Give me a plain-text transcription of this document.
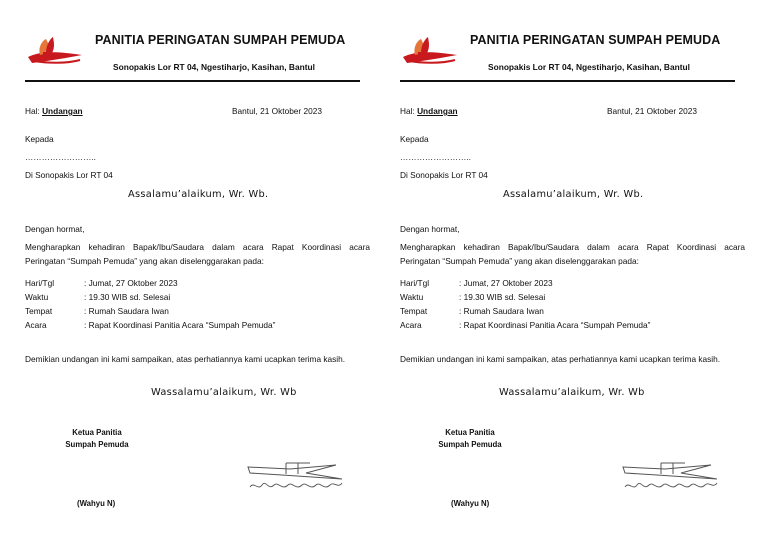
PANITIA PERINGATAN SUMPAH PEMUDA
Sonopakis Lor RT 04, Ngestiharjo, Kasihan, Bantul
Hal: Undangan	Bantul, 21 Oktober 2023
Kepada
……………………..
Di Sonopakis Lor RT 04
Assalamu’alaikum, Wr. Wb.
Dengan hormat,
Mengharapkan kehadiran Bapak/Ibu/Saudara dalam acara Rapat Koordinasi acara Peringatan “Sumpah Pemuda” yang akan diselenggarakan pada:
Hari/Tgl	: Jumat, 27 Oktober 2023
Waktu	: 19.30 WIB sd. Selesai
Tempat	: Rumah Saudara Iwan
Acara	: Rapat Koordinasi Panitia Acara “Sumpah Pemuda”
Demikian undangan ini kami sampaikan, atas perhatiannya kami ucapkan terima kasih.
Wassalamu’alaikum, Wr. Wb
Ketua Panitia
Sumpah Pemuda
(Wahyu N)
PANITIA PERINGATAN SUMPAH PEMUDA
Sonopakis Lor RT 04, Ngestiharjo, Kasihan, Bantul
Hal: Undangan	Bantul, 21 Oktober 2023
Kepada
……………………..
Di Sonopakis Lor RT 04
Assalamu’alaikum, Wr. Wb.
Dengan hormat,
Mengharapkan kehadiran Bapak/Ibu/Saudara dalam acara Rapat Koordinasi acara Peringatan “Sumpah Pemuda” yang akan diselenggarakan pada:
Hari/Tgl	: Jumat, 27 Oktober 2023
Waktu	: 19.30 WIB sd. Selesai
Tempat	: Rumah Saudara Iwan
Acara	: Rapat Koordinasi Panitia Acara “Sumpah Pemuda”
Demikian undangan ini kami sampaikan, atas perhatiannya kami ucapkan terima kasih.
Wassalamu’alaikum, Wr. Wb
Ketua Panitia
Sumpah Pemuda
(Wahyu N)
